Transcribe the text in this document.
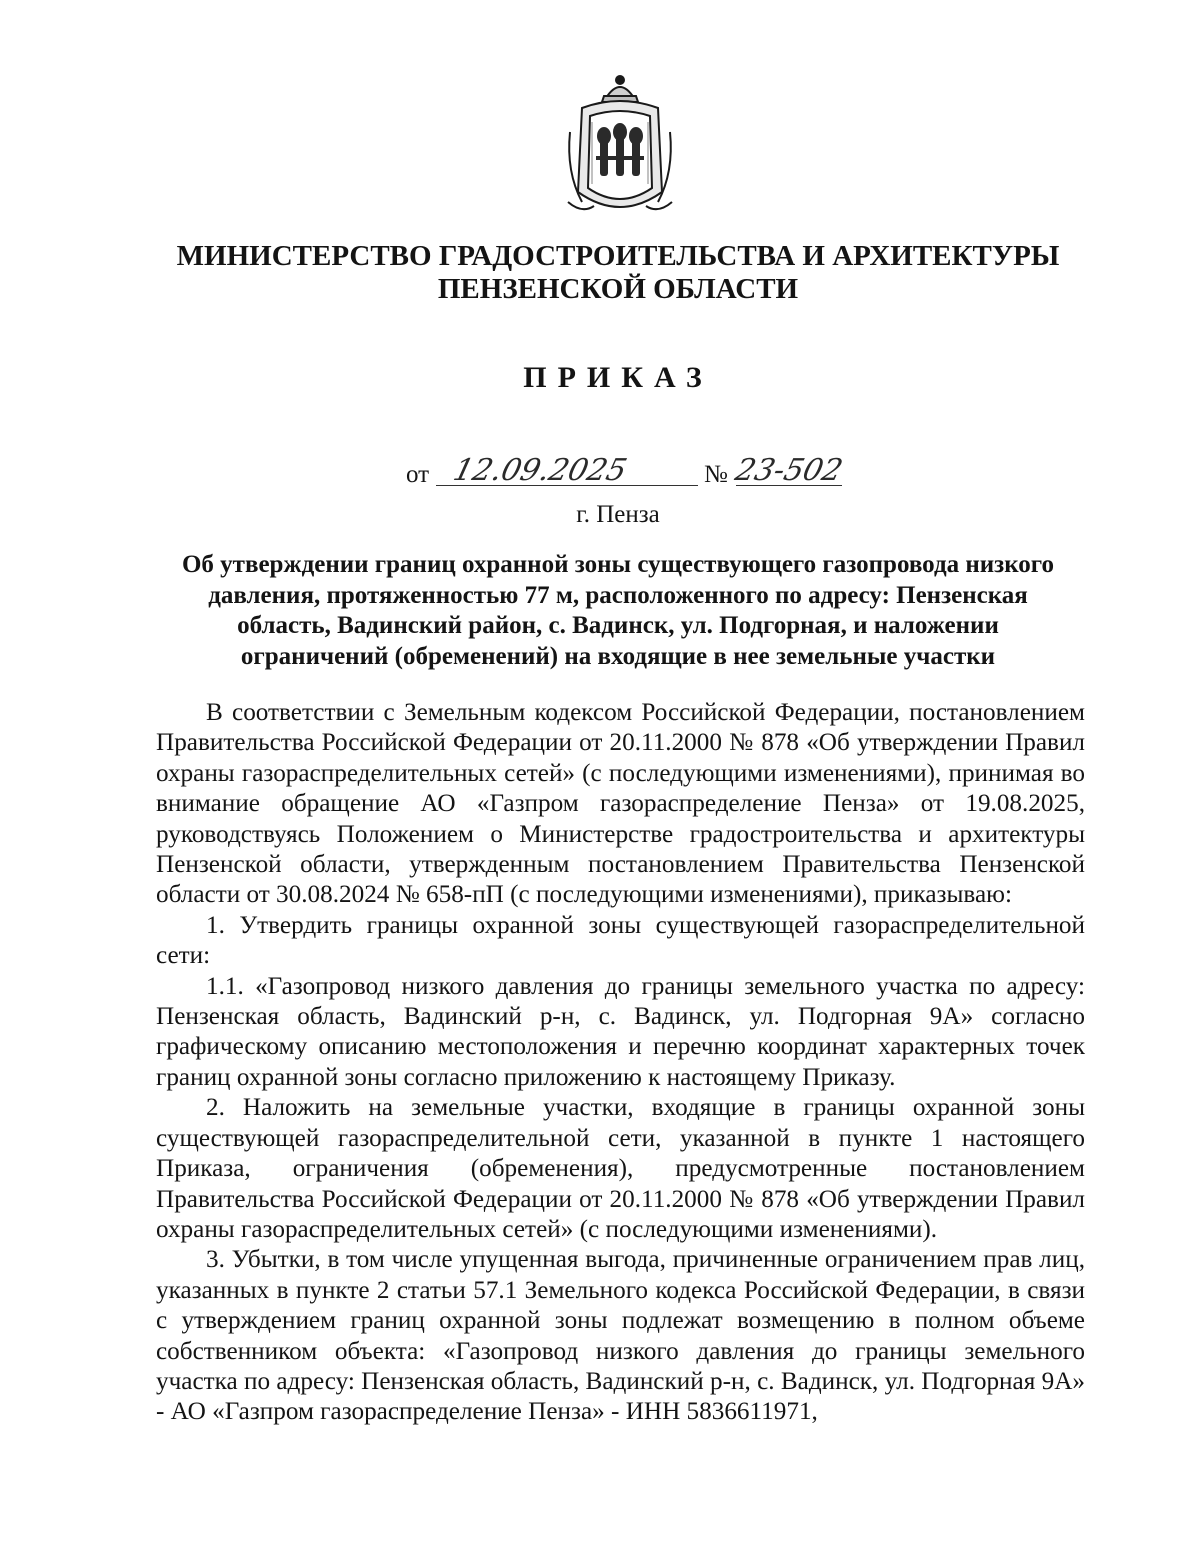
МИНИСТЕРСТВО ГРАДОСТРОИТЕЛЬСТВА И АРХИТЕКТУРЫ
ПЕНЗЕНСКОЙ ОБЛАСТИ
ПРИКАЗ
от 12.09.2025	№ 23-502
г. Пенза
Об утверждении границ охранной зоны существующего газопровода низкого
давления, протяженностью 77 м, расположенного по адресу: Пензенская
область, Вадинский район, с. Вадинск, ул. Подгорная, и наложении
ограничений (обременений) на входящие в нее земельные участки

В соответствии с Земельным кодексом Российской Федерации, постановлением Правительства Российской Федерации от 20.11.2000 № 878 «Об утверждении Правил охраны газораспределительных сетей» (с последующими изменениями), принимая во внимание обращение АО «Газпром газораспределение Пенза» от 19.08.2025, руководствуясь Положением о Министерстве градостроительства и архитектуры Пензенской области, утвержденным постановлением Правительства Пензенской области от 30.08.2024 № 658-пП (с последующими изменениями), приказываю:

1. Утвердить границы охранной зоны существующей газораспределительной сети:

1.1. «Газопровод низкого давления до границы земельного участка по адресу: Пензенская область, Вадинский р-н, с. Вадинск, ул. Подгорная 9А» согласно графическому описанию местоположения и перечню координат характерных точек границ охранной зоны согласно приложению к настоящему Приказу.

2. Наложить на земельные участки, входящие в границы охранной зоны существующей газораспределительной сети, указанной в пункте 1 настоящего Приказа, ограничения (обременения), предусмотренные постановлением Правительства Российской Федерации от 20.11.2000 № 878 «Об утверждении Правил охраны газораспределительных сетей» (с последующими изменениями).

3. Убытки, в том числе упущенная выгода, причиненные ограничением прав лиц, указанных в пункте 2 статьи 57.1 Земельного кодекса Российской Федерации, в связи с утверждением границ охранной зоны подлежат возмещению в полном объеме собственником объекта: «Газопровод низкого давления до границы земельного участка по адресу: Пензенская область, Вадинский р-н, с. Вадинск, ул. Подгорная 9А» - АО «Газпром газораспределение Пенза» - ИНН 5836611971,
